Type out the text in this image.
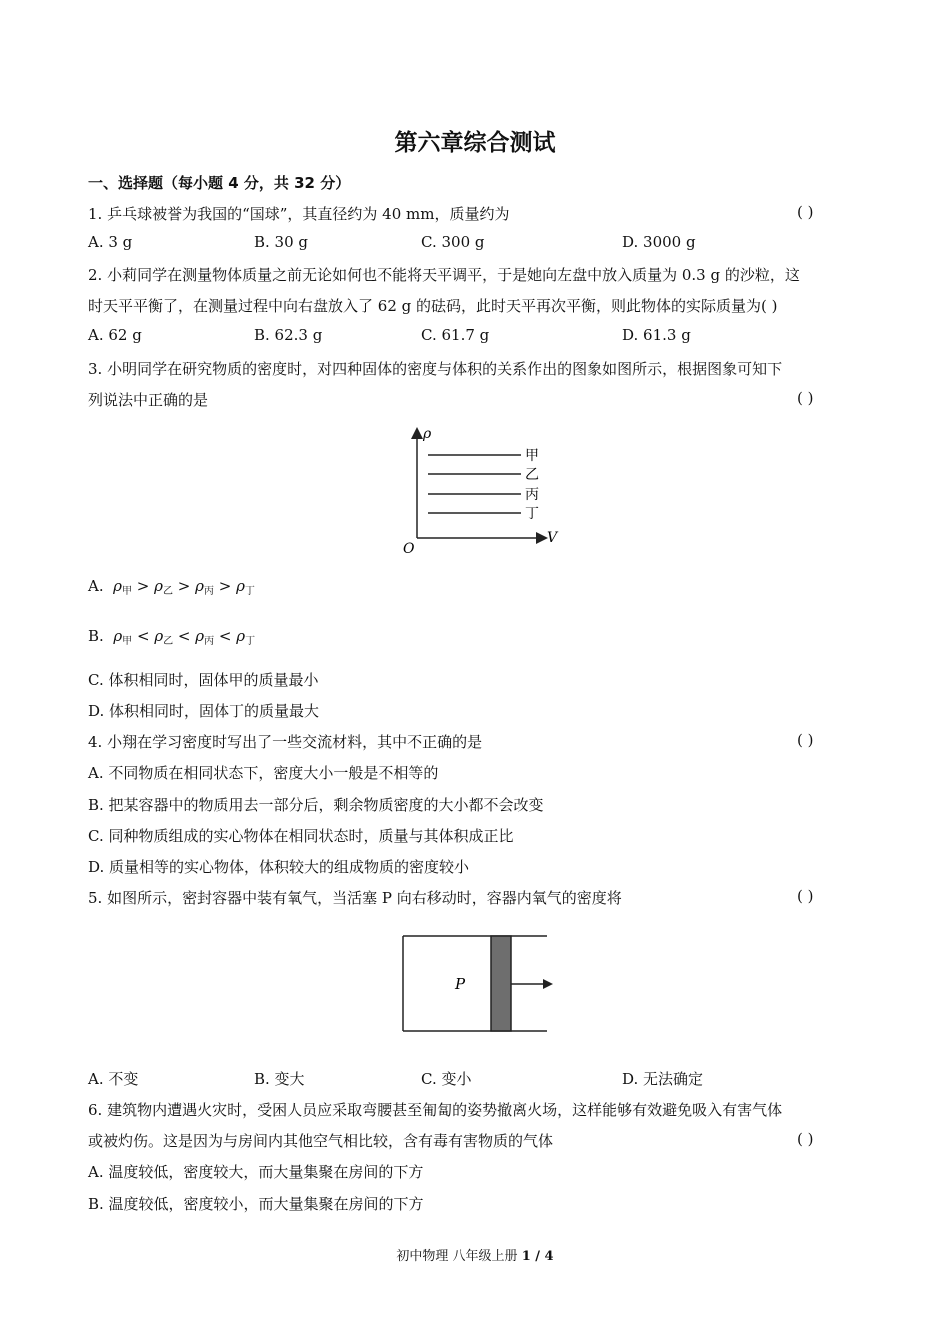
第六章综合测试
一、选择题（每小题 4 分，共 32 分）
1. 乒乓球被誉为我国的“国球”，其直径约为 40 mm，质量约为	( )
A. 3 g	B. 30 g	C. 300 g	D. 3000 g
2. 小莉同学在测量物体质量之前无论如何也不能将天平调平，于是她向左盘中放入质量为 0.3 g 的沙粒，这
时天平平衡了，在测量过程中向右盘放入了 62 g 的砝码，此时天平再次平衡，则此物体的实际质量为( )
A. 62 g	B. 62.3 g	C. 61.7 g	D. 61.3 g
3. 小明同学在研究物质的密度时，对四种固体的密度与体积的关系作出的图象如图所示，根据图象可知下
列说法中正确的是	( )
ρ
V
O
甲
乙
丙
丁
A. $\rho_甲 > \rho_乙 > \rho_丙 > \rho_丁$
B. $\rho_甲 < \rho_乙 < \rho_丙 < \rho_丁$
C. 体积相同时，固体甲的质量最小
D. 体积相同时，固体丁的质量最大
4. 小翔在学习密度时写出了一些交流材料，其中不正确的是	( )
A. 不同物质在相同状态下，密度大小一般是不相等的
B. 把某容器中的物质用去一部分后，剩余物质密度的大小都不会改变
C. 同种物质组成的实心物体在相同状态时，质量与其体积成正比
D. 质量相等的实心物体，体积较大的组成物质的密度较小
5. 如图所示，密封容器中装有氧气，当活塞 P 向右移动时，容器内氧气的密度将	( )
P
A. 不变	B. 变大	C. 变小	D. 无法确定
6. 建筑物内遭遇火灾时，受困人员应采取弯腰甚至匍匐的姿势撤离火场，这样能够有效避免吸入有害气体
或被灼伤。这是因为与房间内其他空气相比较，含有毒有害物质的气体	( )
A. 温度较低，密度较大，而大量集聚在房间的下方
B. 温度较低，密度较小，而大量集聚在房间的下方
初中物理 八年级上册 1 / 4
